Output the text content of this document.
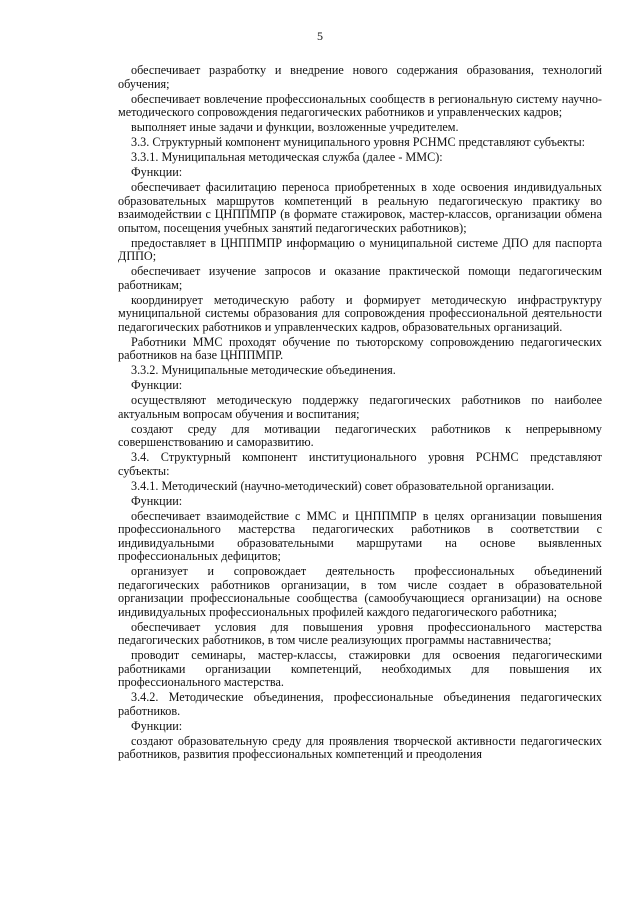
5

обеспечивает разработку и внедрение нового содержания образования, технологий обучения;

обеспечивает вовлечение профессиональных сообществ в региональную систему научно-методического сопровождения педагогических работников и управленческих кадров;

выполняет иные задачи и функции, возложенные учредителем.

3.3. Структурный компонент муниципального уровня РСНМС представляют субъекты:

3.3.1. Муниципальная методическая служба (далее - ММС):

Функции:

обеспечивает фасилитацию переноса приобретенных в ходе освоения индивидуальных образовательных маршрутов компетенций в реальную педагогическую практику во взаимодействии с ЦНППМПР (в формате стажировок, мастер-классов, организации обмена опытом, посещения учебных занятий педагогических работников);

предоставляет в ЦНППМПР информацию о муниципальной системе ДПО для паспорта ДППО;

обеспечивает изучение запросов и оказание практической помощи педагогическим работникам;

координирует методическую работу и формирует методическую инфраструктуру муниципальной системы образования для сопровождения профессиональной деятельности педагогических работников и управленческих кадров, образовательных организаций.

Работники ММС проходят обучение по тьюторскому сопровождению педагогических работников на базе ЦНППМПР.

3.3.2. Муниципальные методические объединения.

Функции:

осуществляют методическую поддержку педагогических работников по наиболее актуальным вопросам обучения и воспитания;

создают среду для мотивации педагогических работников к непрерывному совершенствованию и саморазвитию.

3.4. Структурный компонент институционального уровня РСНМС представляют субъекты:

3.4.1. Методический (научно-методический) совет образовательной организации.

Функции:

обеспечивает взаимодействие с ММС и ЦНППМПР в целях организации повышения профессионального мастерства педагогических работников в соответствии с индивидуальными образовательными маршрутами на основе выявленных профессиональных дефицитов;

организует и сопровождает деятельность профессиональных объединений педагогических работников организации, в том числе создает в образовательной организации профессиональные сообщества (самообучающиеся организации) на основе индивидуальных профессиональных профилей каждого педагогического работника;

обеспечивает условия для повышения уровня профессионального мастерства педагогических работников, в том числе реализующих программы наставничества;

проводит семинары, мастер-классы, стажировки для освоения педагогическими работниками организации компетенций, необходимых для повышения их профессионального мастерства.

3.4.2. Методические объединения, профессиональные объединения педагогических работников.

Функции:

создают образовательную среду для проявления творческой активности педагогических работников, развития профессиональных компетенций и преодоления
